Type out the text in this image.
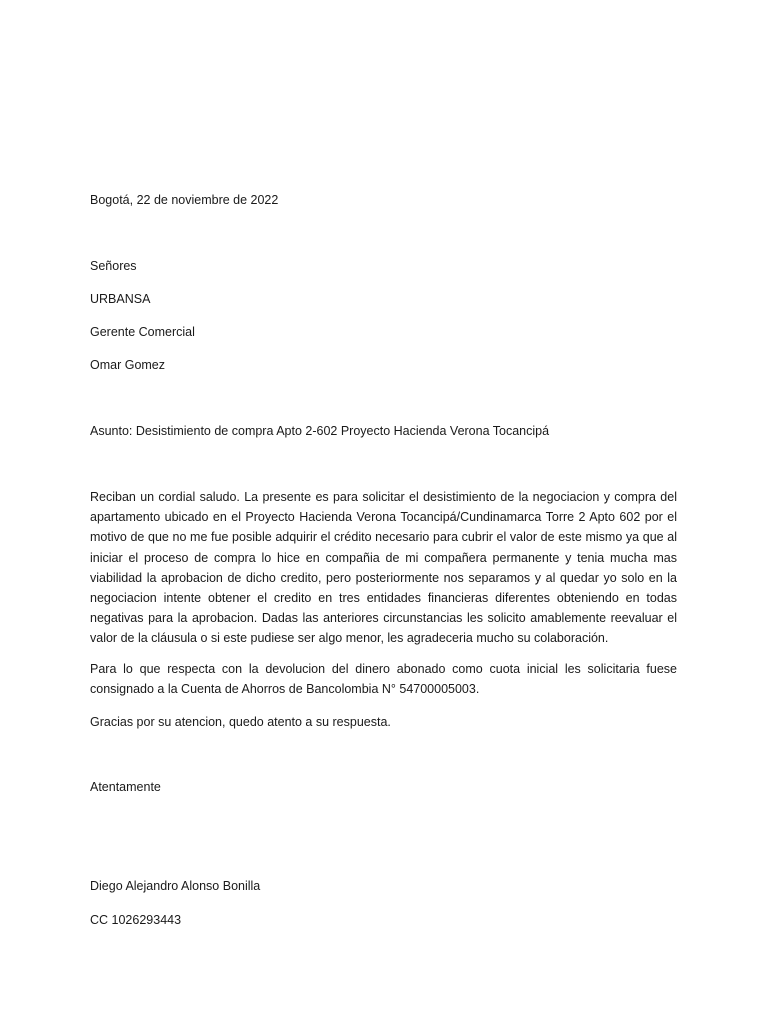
Bogotá, 22 de noviembre de 2022
Señores
URBANSA
Gerente Comercial
Omar Gomez
Asunto: Desistimiento de compra Apto 2-602 Proyecto Hacienda Verona Tocancipá

Reciban un cordial saludo. La presente es para solicitar el desistimiento de la negociacion y compra del apartamento ubicado en el Proyecto Hacienda Verona Tocancipá/Cundinamarca Torre 2 Apto 602 por el motivo de que no me fue posible adquirir el crédito necesario para cubrir el valor de este mismo ya que al iniciar el proceso de compra lo hice en compañia de mi compañera permanente y tenia mucha mas viabilidad la aprobacion de dicho credito, pero posteriormente nos separamos y al quedar yo solo en la negociacion intente obtener el credito en tres entidades financieras diferentes obteniendo en todas negativas para la aprobacion. Dadas las anteriores circunstancias les solicito amablemente reevaluar el valor de la cláusula o si este pudiese ser algo menor, les agradeceria mucho su colaboración.

Para lo que respecta con la devolucion del dinero abonado como cuota inicial les solicitaria fuese consignado a la Cuenta de Ahorros de Bancolombia N° 54700005003.

Gracias por su atencion, quedo atento a su respuesta.

Atentamente
Diego Alejandro Alonso Bonilla
CC 1026293443
